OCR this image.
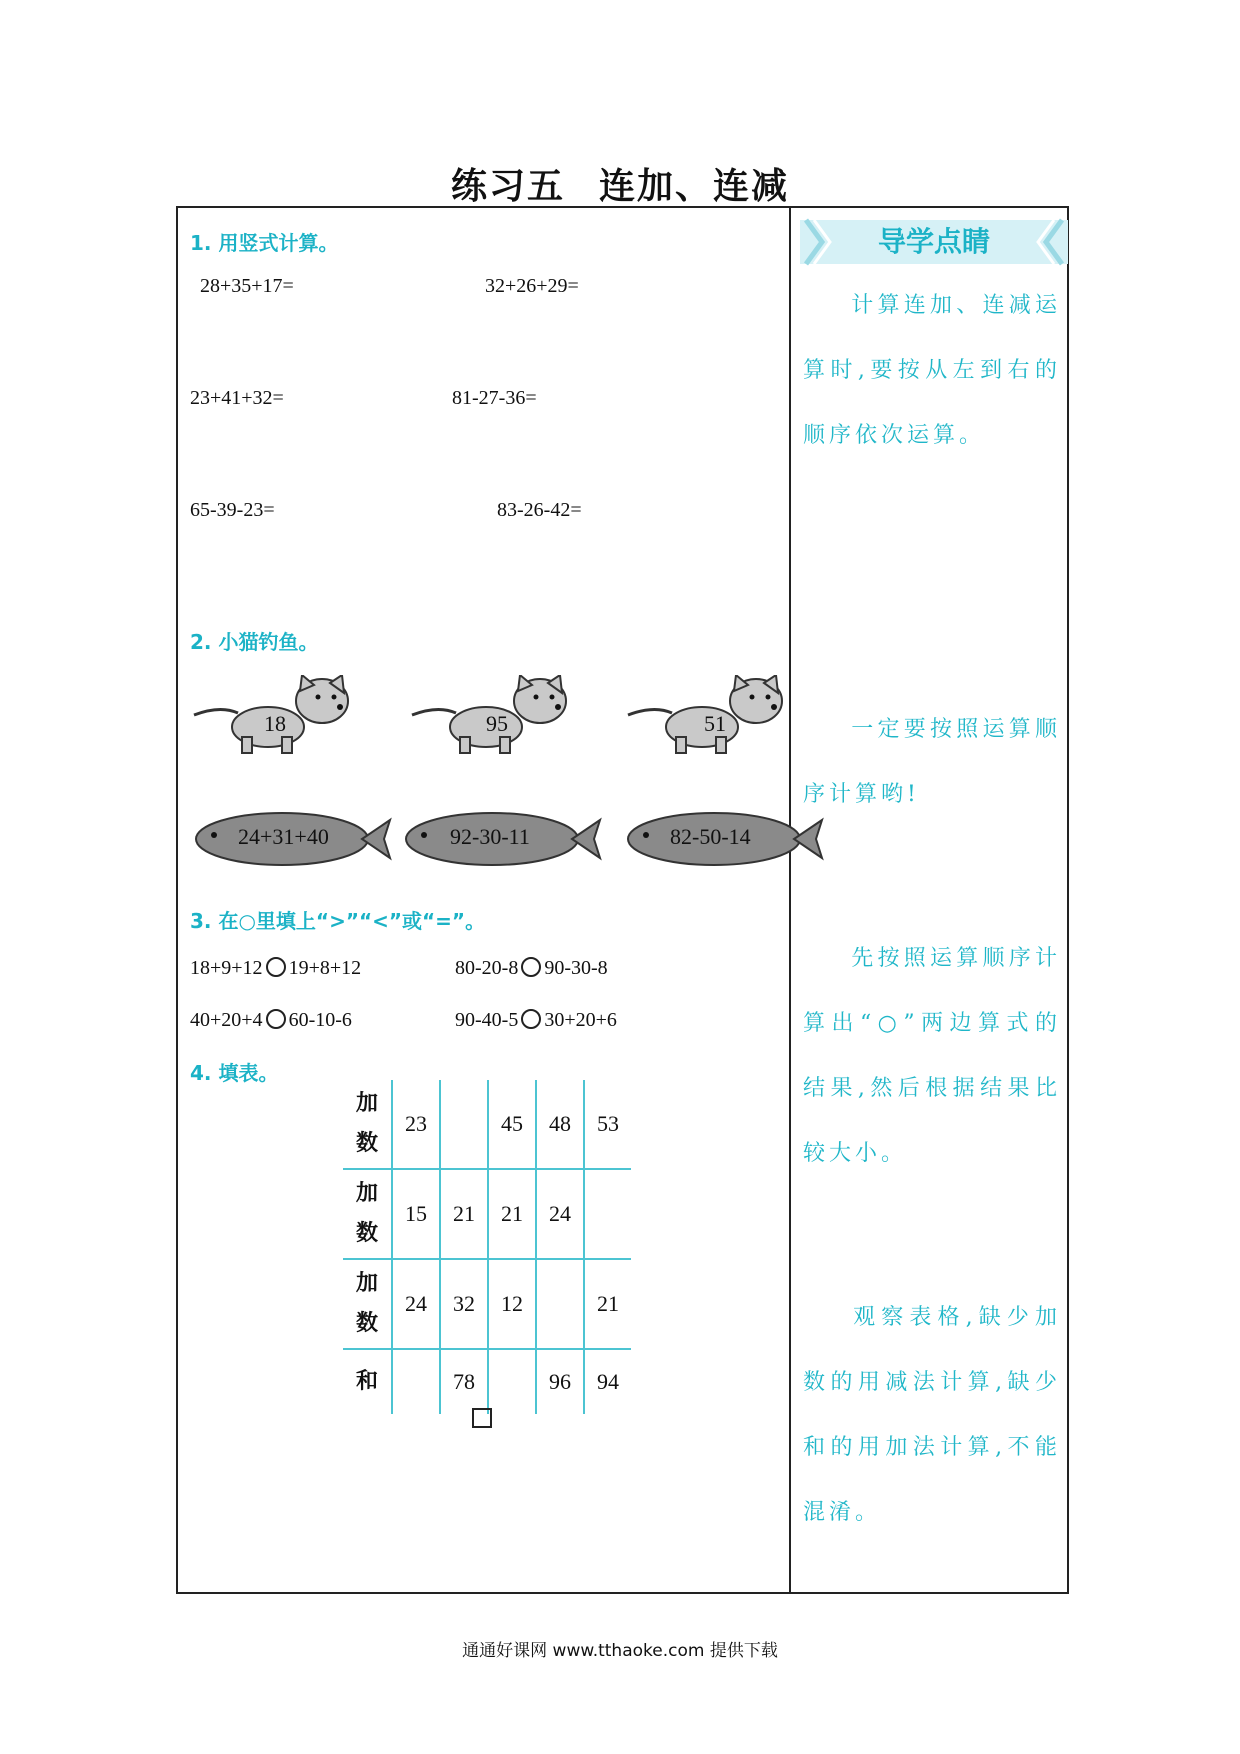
练习五 连加、连减
1. 用竖式计算。
28+35+17=	32+26+29=
23+41+32=	81-27-36=
65-39-23=	83-26-42=
2. 小猫钓鱼。
18	95	51
24+31+40	92-30-11	82-50-14
3. 在○里填上“>”“<”或“=”。
18+9+12 19+8+12	80-20-8 90-30-8
40+20+4 60-10-6	90-40-5 30+20+6
4. 填表。
加
数	23		45	48	53
加
数	15	21	21	24	
加
数	24	32	12		21
和		78		96	94
导学点睛
计算连加、连减运算时,要按从左到右的顺序依次运算。
一定要按照运算顺序计算哟!
先按照运算顺序计算出“○”两边算式的结果,然后根据结果比较大小。
观察表格,缺少加数的用减法计算,缺少和的用加法计算,不能混淆。
通通好课网 www.tthaoke.com 提供下载
